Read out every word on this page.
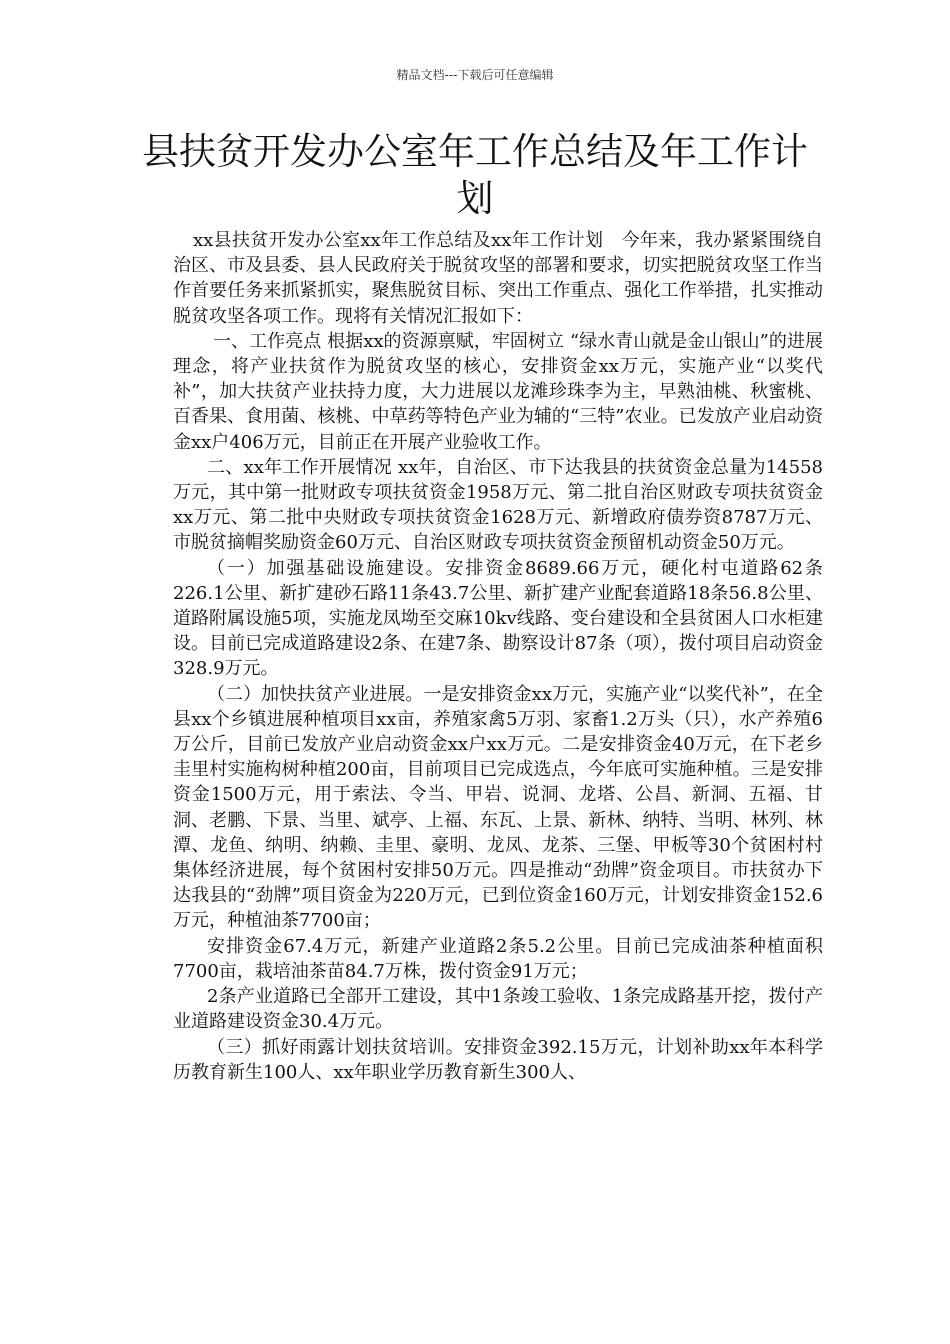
精品文档---下载后可任意编辑
县扶贫开发办公室年工作总结及年工作计划

xx县扶贫开发办公室xx年工作总结及xx年工作计划　今年来，我办紧紧围绕自治区、市及县委、县人民政府关于脱贫攻坚的部署和要求，切实把脱贫攻坚工作当作首要任务来抓紧抓实，聚焦脱贫目标、突出工作重点、强化工作举措，扎实推动脱贫攻坚各项工作。现将有关情况汇报如下：

一、工作亮点 根据xx的资源禀赋，牢固树立 “绿水青山就是金山银山”的进展理念，将产业扶贫作为脱贫攻坚的核心，安排资金xx万元，实施产业“以奖代补”，加大扶贫产业扶持力度，大力进展以龙滩珍珠李为主，早熟油桃、秋蜜桃、百香果、食用菌、核桃、中草药等特色产业为辅的“三特”农业。已发放产业启动资金xx户406万元，目前正在开展产业验收工作。

二、xx年工作开展情况 xx年，自治区、市下达我县的扶贫资金总量为14558万元，其中第一批财政专项扶贫资金1958万元、第二批自治区财政专项扶贫资金xx万元、第二批中央财政专项扶贫资金1628万元、新增政府债券资8787万元、市脱贫摘帽奖励资金60万元、自治区财政专项扶贫资金预留机动资金50万元。

（一）加强基础设施建设。安排资金8689.66万元，硬化村屯道路62条226.1公里、新扩建砂石路11条43.7公里、新扩建产业配套道路18条56.8公里、道路附属设施5项，实施龙凤坳至交麻10kv线路、变台建设和全县贫困人口水柜建设。目前已完成道路建设2条、在建7条、勘察设计87条（项），拨付项目启动资金328.9万元。

（二）加快扶贫产业进展。一是安排资金xx万元，实施产业“以奖代补”，在全县xx个乡镇进展种植项目xx亩，养殖家禽5万羽、家畜1.2万头（只），水产养殖6万公斤，目前已发放产业启动资金xx户xx万元。二是安排资金40万元，在下老乡圭里村实施构树种植200亩，目前项目已完成选点，今年底可实施种植。三是安排资金1500万元，用于索法、令当、甲岩、说洞、龙塔、公昌、新洞、五福、甘洞、老鹏、下景、当里、斌亭、上福、东瓦、上景、新林、纳特、当明、林列、林潭、龙鱼、纳明、纳赖、圭里、豪明、龙凤、龙茶、三堡、甲板等30个贫困村村集体经济进展，每个贫困村安排50万元。四是推动“劲牌”资金项目。市扶贫办下达我县的“劲牌”项目资金为220万元，已到位资金160万元，计划安排资金152.6万元，种植油茶7700亩；

安排资金67.4万元，新建产业道路2条5.2公里。目前已完成油茶种植面积7700亩，栽培油茶苗84.7万株，拨付资金91万元；

2条产业道路已全部开工建设，其中1条竣工验收、1条完成路基开挖，拨付产业道路建设资金30.4万元。

（三）抓好雨露计划扶贫培训。安排资金392.15万元，计划补助xx年本科学历教育新生100人、xx年职业学历教育新生300人、
